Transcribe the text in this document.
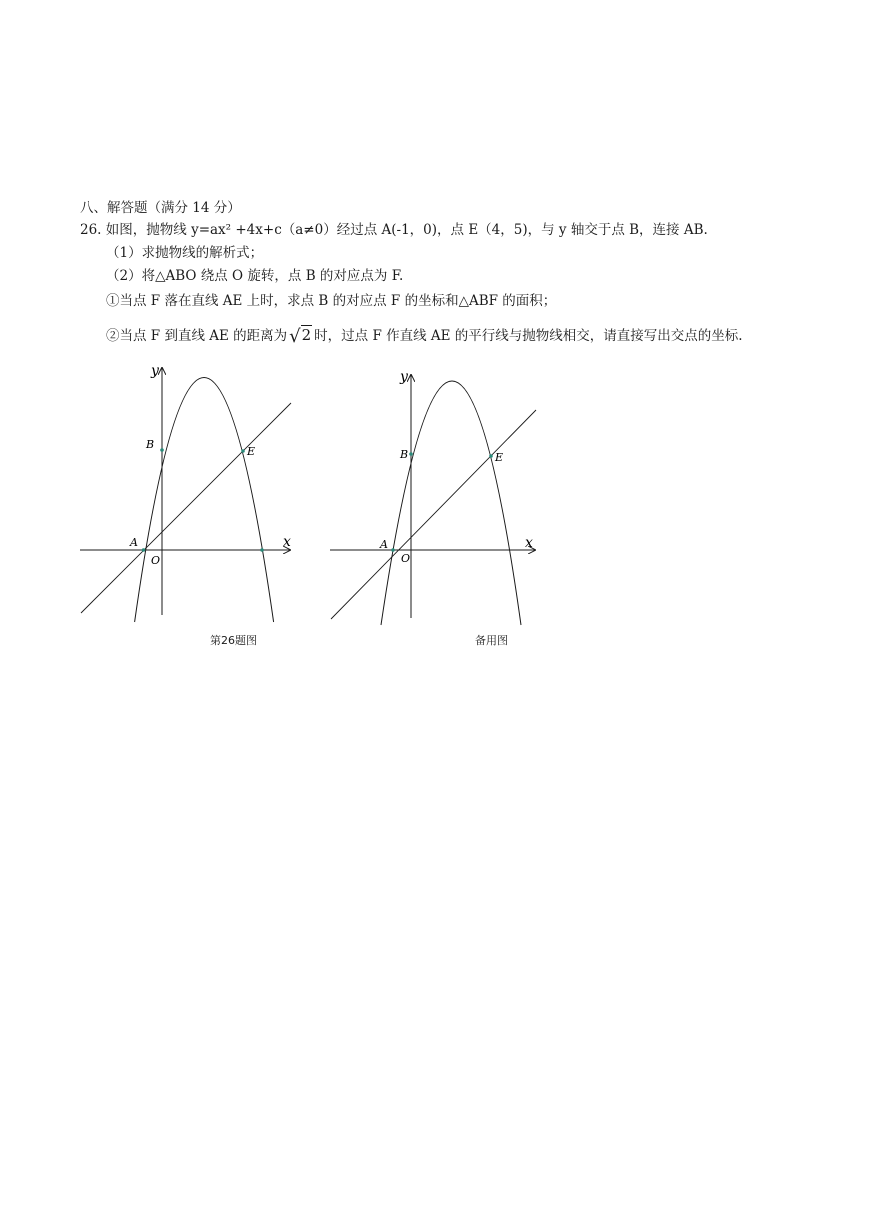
八、解答题（满分 14 分）
26. 如图，抛物线 y=ax² +4x+c（a≠0）经过点 A(-1，0)，点 E（4，5)，与 y 轴交于点 B，连接 AB.
（1）求抛物线的解析式；
（2）将△ABO 绕点 O 旋转，点 B 的对应点为 F.
①当点 F 落在直线 AE 上时，求点 B 的对应点 F 的坐标和△ABF 的面积；
②当点 F 到直线 AE 的距离为 √2 时，过点 F 作直线 AE 的平行线与抛物线相交，请直接写出交点的坐标.
y
x
B
E
A
O
第26题图
y
x
B	E
A
O
备用图
